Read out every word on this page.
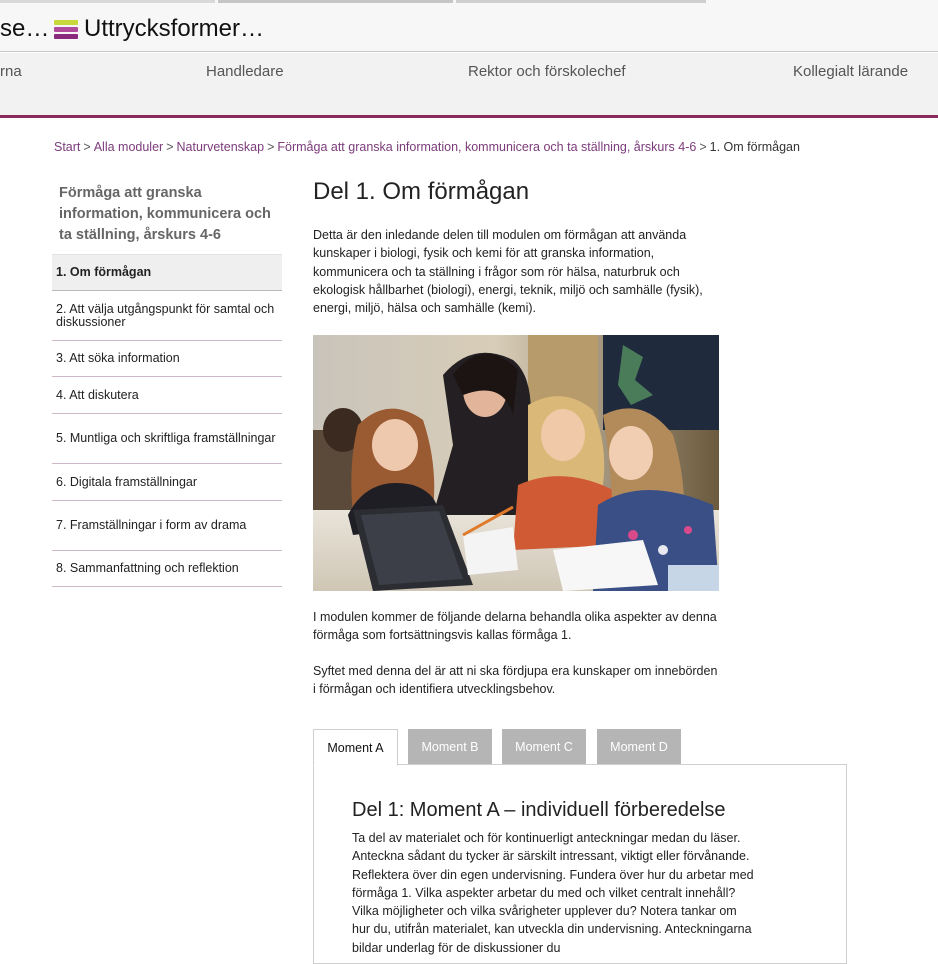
se… Uttrycksformer…
rna	Handledare	Rektor och förskolechef	Kollegialt lärande
Start > Alla moduler > Naturvetenskap > Förmåga att granska information, kommunicera och ta ställning, årskurs 4-6 > 1. Om förmågan
Förmåga att granska information, kommunicera och ta ställning, årskurs 4-6
1. Om förmågan
2. Att välja utgångspunkt för samtal och diskussioner
3. Att söka information
4. Att diskutera
5. Muntliga och skriftliga framställningar
6. Digitala framställningar
7. Framställningar i form av drama
8. Sammanfattning och reflektion
Del 1. Om förmågan

Detta är den inledande delen till modulen om förmågan att använda kunskaper i biologi, fysik och kemi för att granska information, kommunicera och ta ställning i frågor som rör hälsa, naturbruk och ekologisk hållbarhet (biologi), energi, teknik, miljö och samhälle (fysik), energi, miljö, hälsa och samhälle (kemi).

I modulen kommer de följande delarna behandla olika aspekter av denna förmåga som fortsättningsvis kallas förmåga 1.

Syftet med denna del är att ni ska fördjupa era kunskaper om innebörden i förmågan och identifiera utvecklingsbehov.

Moment A	Moment B	Moment C	Moment D
Del 1: Moment A – individuell förberedelse

Ta del av materialet och för kontinuerligt anteckningar medan du läser. Anteckna sådant du tycker är särskilt intressant, viktigt eller förvånande. Reflektera över din egen undervisning. Fundera över hur du arbetar med förmåga 1. Vilka aspekter arbetar du med och vilket centralt innehåll? Vilka möjligheter och vilka svårigheter upplever du? Notera tankar om hur du, utifrån materialet, kan utveckla din undervisning. Anteckningarna bildar underlag för de diskussioner du
